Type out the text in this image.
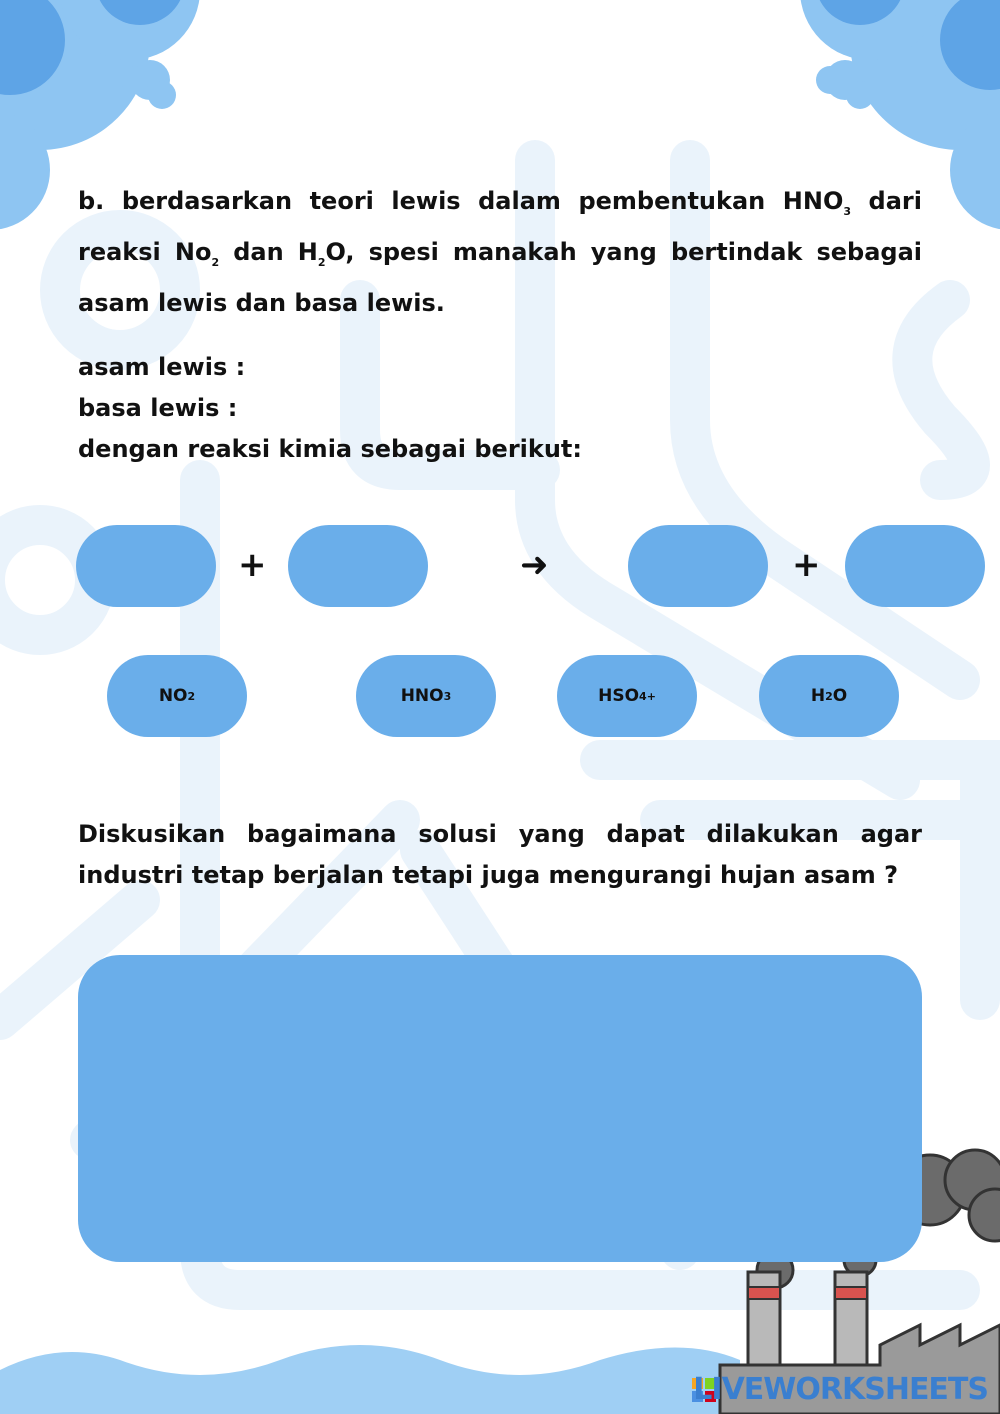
b. berdasarkan teori lewis dalam pembentukan $HNO_3$ dari reaksi $No_2$ dan $H_2O$, spesi manakah yang bertindak sebagai asam lewis dan basa lewis.

asam lewis :

basa lewis :

dengan reaksi kimia sebagai berikut:

+	➜	+
NO 2	HNO 3	HSO 4 +	H 2 O

Diskusikan bagaimana solusi yang dapat dilakukan agar industri tetap berjalan tetapi juga mengurangi hujan asam ?

LIVEWORKSHEETS
